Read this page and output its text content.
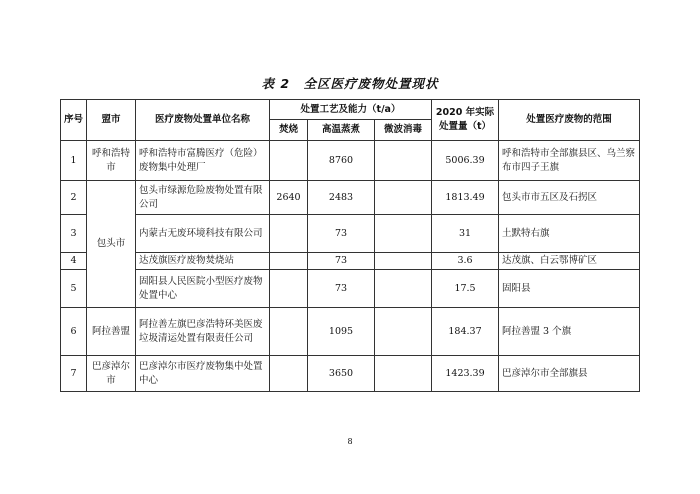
表 2　全区医疗废物处置现状
序号	盟市	医疗废物处置单位名称	处置工艺及能力（t/a）			2020 年实际处置量（t）	处置医疗废物的范围
			焚烧	高温蒸煮	微波消毒		
1	呼和浩特市	呼和浩特市富腾医疗（危险）废物集中处理厂		8760		5006.39	呼和浩特市全部旗县区、乌兰察布市四子王旗
2	包头市	包头市绿源危险废物处置有限公司	2640	2483		1813.49	包头市市五区及石拐区
3		内蒙古无废环境科技有限公司		73		31	土默特右旗
4		达茂旗医疗废物焚烧站		73		3.6	达茂旗、白云鄂博矿区
5		固阳县人民医院小型医疗废物处置中心		73		17.5	固阳县
6	阿拉善盟	阿拉善左旗巴彦浩特环美医废垃圾清运处置有限责任公司		1095		184.37	阿拉善盟 3 个旗
7	巴彦淖尔市	巴彦淖尔市医疗废物集中处置中心		3650		1423.39	巴彦淖尔市全部旗县
8
